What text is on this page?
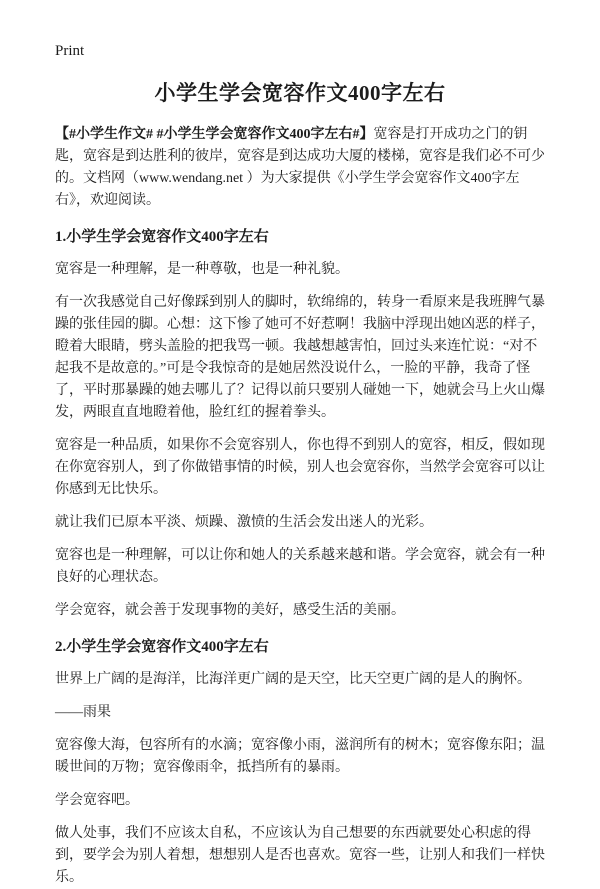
Print
小学生学会宽容作文400字左右

【#小学生作文# #小学生学会宽容作文400字左右#】宽容是打开成功之门的钥匙，宽容是到达胜利的彼岸，宽容是到达成功大厦的楼梯，宽容是我们必不可少的。文档网（www.wendang.net ）为大家提供《小学生学会宽容作文400字左右》，欢迎阅读。

1.小学生学会宽容作文400字左右

宽容是一种理解，是一种尊敬，也是一种礼貌。

有一次我感觉自己好像踩到别人的脚时，软绵绵的，转身一看原来是我班脾气暴躁的张佳园的脚。心想：这下惨了她可不好惹啊！我脑中浮现出她凶恶的样子，瞪着大眼睛，劈头盖脸的把我骂一顿。我越想越害怕，回过头来连忙说：“对不起我不是故意的。”可是令我惊奇的是她居然没说什么，一脸的平静，我奇了怪了，平时那暴躁的她去哪儿了？记得以前只要别人碰她一下，她就会马上火山爆发，两眼直直地瞪着他，脸红红的握着拳头。

宽容是一种品质，如果你不会宽容别人，你也得不到别人的宽容，相反，假如现在你宽容别人，到了你做错事情的时候，别人也会宽容你，当然学会宽容可以让你感到无比快乐。

就让我们已原本平淡、烦躁、激愤的生活会发出迷人的光彩。

宽容也是一种理解，可以让你和她人的关系越来越和谐。学会宽容，就会有一种良好的心理状态。

学会宽容，就会善于发现事物的美好，感受生活的美丽。

2.小学生学会宽容作文400字左右

世界上广阔的是海洋，比海洋更广阔的是天空，比天空更广阔的是人的胸怀。

——雨果

宽容像大海，包容所有的水滴；宽容像小雨，滋润所有的树木；宽容像东阳；温暖世间的万物；宽容像雨伞，抵挡所有的暴雨。

学会宽容吧。

做人处事，我们不应该太自私，不应该认为自己想要的东西就要处心积虑的得到，要学会为别人着想，想想别人是否也喜欢。宽容一些，让别人和我们一样快乐。
